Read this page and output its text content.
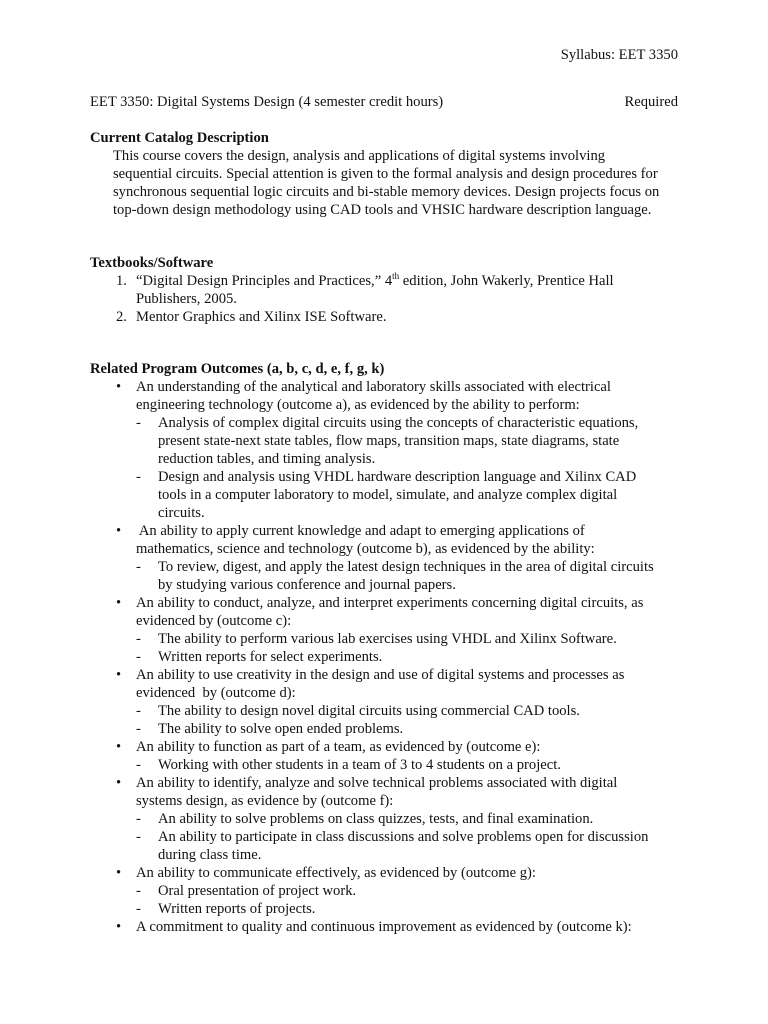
Syllabus: EET 3350
EET 3350: Digital Systems Design (4 semester credit hours)	Required
Current Catalog Description
This course covers the design, analysis and applications of digital systems involving
sequential circuits. Special attention is given to the formal analysis and design procedures for
synchronous sequential logic circuits and bi-stable memory devices. Design projects focus on
top-down design methodology using CAD tools and VHSIC hardware description language.
Textbooks/Software
1. “Digital Design Principles and Practices,” 4th edition, John Wakerly, Prentice Hall
Publishers, 2005.
2. Mentor Graphics and Xilinx ISE Software.
Related Program Outcomes (a, b, c, d, e, f, g, k)
• An understanding of the analytical and laboratory skills associated with electrical
engineering technology (outcome a), as evidenced by the ability to perform:
- Analysis of complex digital circuits using the concepts of characteristic equations,
present state-next state tables, flow maps, transition maps, state diagrams, state
reduction tables, and timing analysis.
- Design and analysis using VHDL hardware description language and Xilinx CAD
tools in a computer laboratory to model, simulate, and analyze complex digital
circuits.
• An ability to apply current knowledge and adapt to emerging applications of
mathematics, science and technology (outcome b), as evidenced by the ability:
- To review, digest, and apply the latest design techniques in the area of digital circuits
by studying various conference and journal papers.
• An ability to conduct, analyze, and interpret experiments concerning digital circuits, as
evidenced by (outcome c):
- The ability to perform various lab exercises using VHDL and Xilinx Software.
- Written reports for select experiments.
• An ability to use creativity in the design and use of digital systems and processes as
evidenced  by (outcome d):
- The ability to design novel digital circuits using commercial CAD tools.
- The ability to solve open ended problems.
• An ability to function as part of a team, as evidenced by (outcome e):
- Working with other students in a team of 3 to 4 students on a project.
• An ability to identify, analyze and solve technical problems associated with digital
systems design, as evidence by (outcome f):
- An ability to solve problems on class quizzes, tests, and final examination.
- An ability to participate in class discussions and solve problems open for discussion
during class time.
• An ability to communicate effectively, as evidenced by (outcome g):
- Oral presentation of project work.
- Written reports of projects.
• A commitment to quality and continuous improvement as evidenced by (outcome k):
